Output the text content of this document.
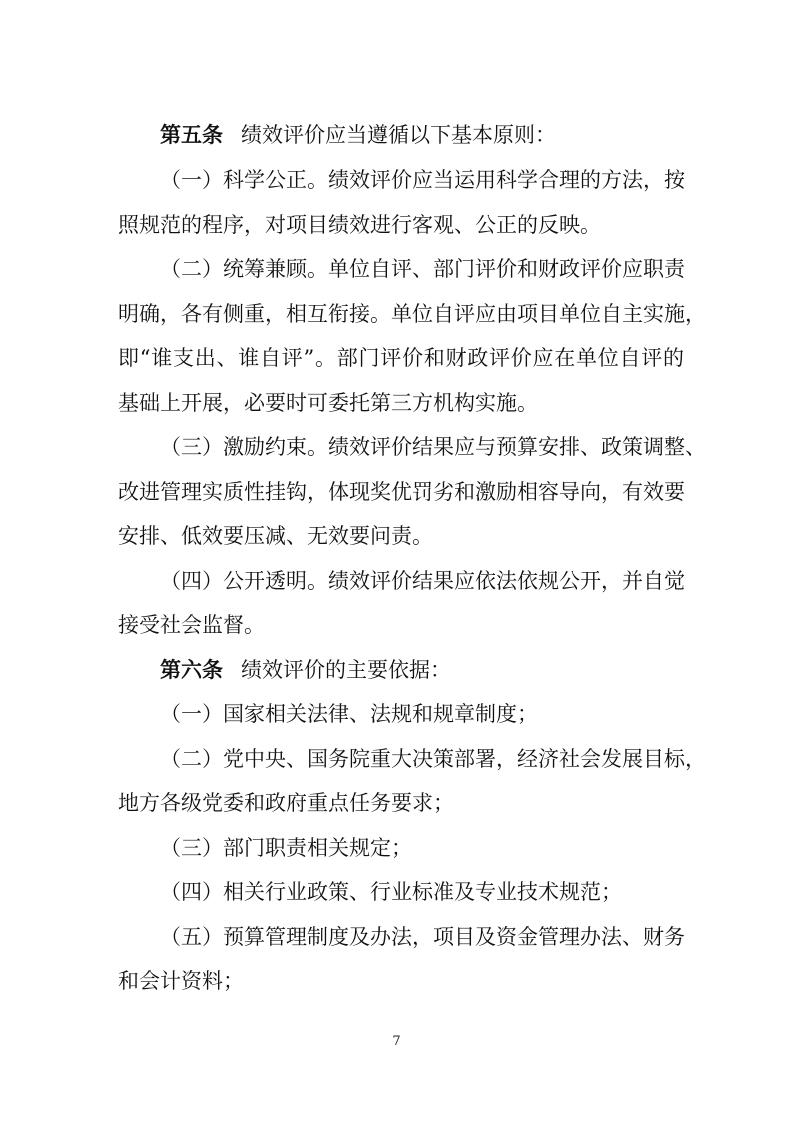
第五条 绩效评价应当遵循以下基本原则：
（一）科学公正。绩效评价应当运用科学合理的方法，按
照规范的程序，对项目绩效进行客观、公正的反映。
（二）统筹兼顾。单位自评、部门评价和财政评价应职责
明确，各有侧重，相互衔接。单位自评应由项目单位自主实施，
即“谁支出、谁自评”。部门评价和财政评价应在单位自评的
基础上开展，必要时可委托第三方机构实施。
（三）激励约束。绩效评价结果应与预算安排、政策调整、
改进管理实质性挂钩，体现奖优罚劣和激励相容导向，有效要
安排、低效要压减、无效要问责。
（四）公开透明。绩效评价结果应依法依规公开，并自觉
接受社会监督。
第六条 绩效评价的主要依据：
（一）国家相关法律、法规和规章制度；
（二）党中央、国务院重大决策部署，经济社会发展目标，
地方各级党委和政府重点任务要求；
（三）部门职责相关规定；
（四）相关行业政策、行业标准及专业技术规范；
（五）预算管理制度及办法，项目及资金管理办法、财务
和会计资料；
7
